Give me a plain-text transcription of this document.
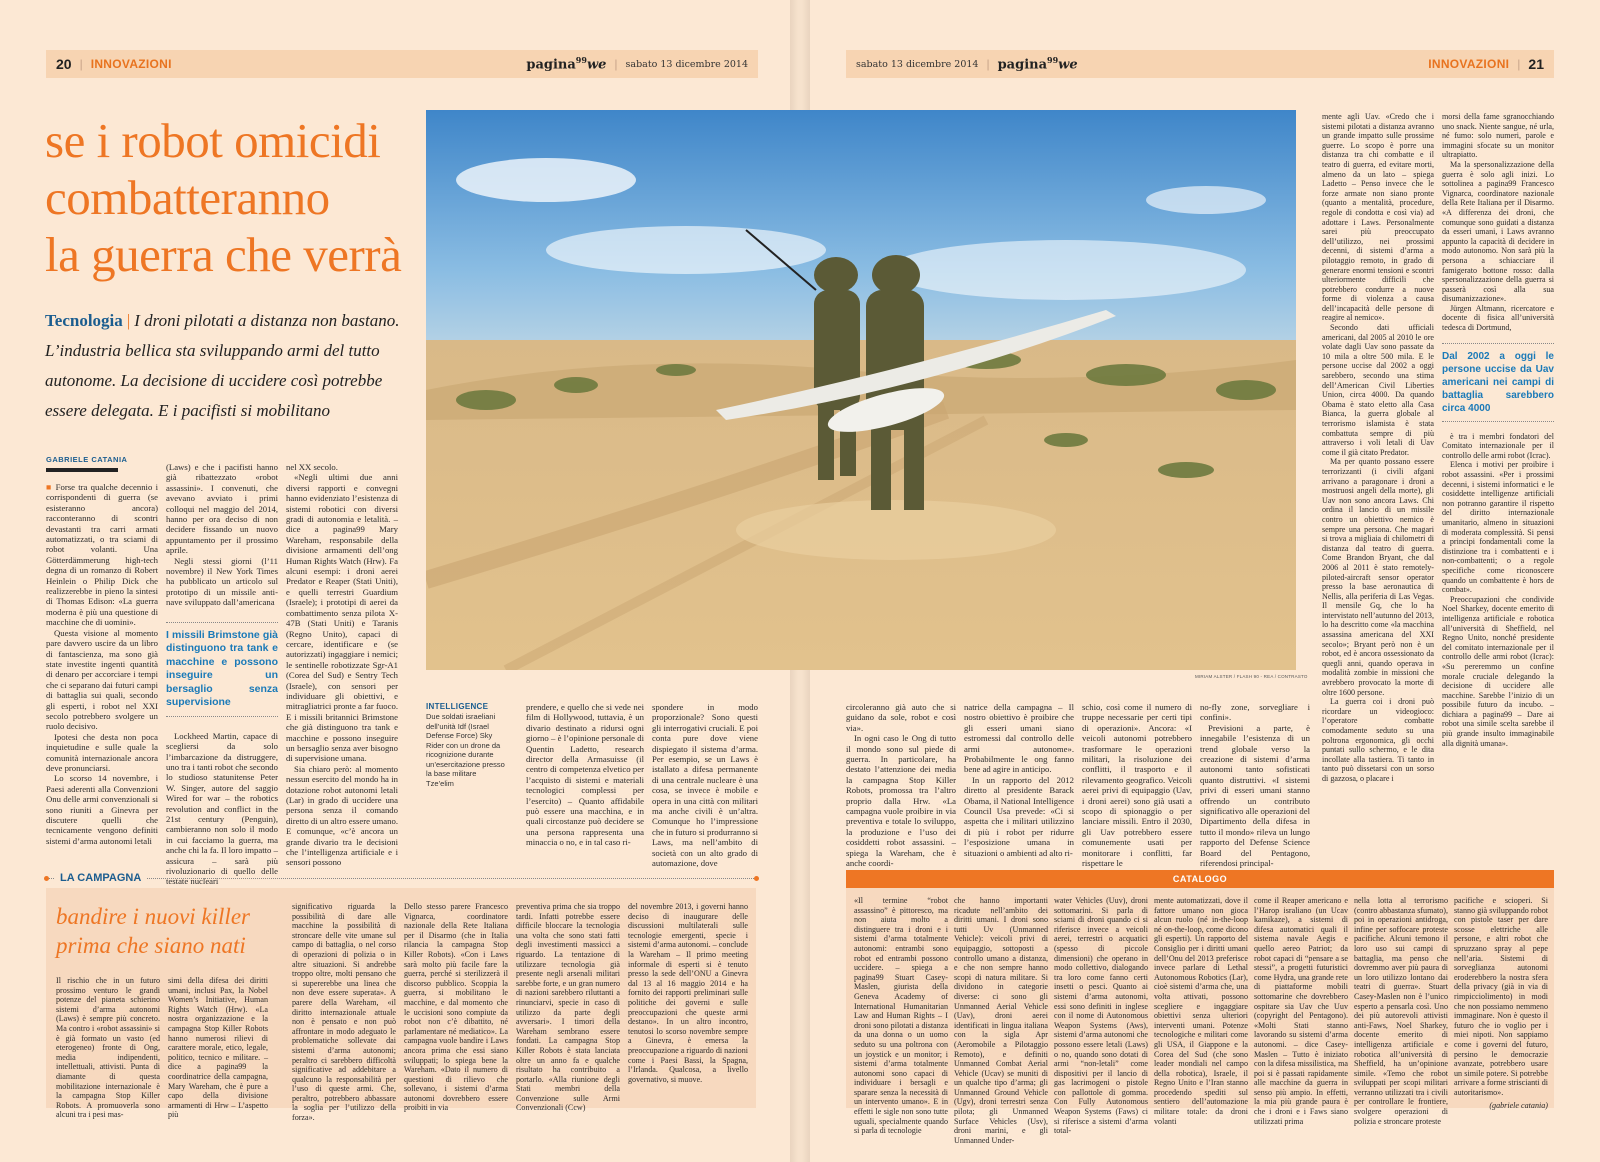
20 | INNOVAZIONI	pagina$^{99}$we | sabato 13 dicembre 2014	sabato 13 dicembre 2014 | pagina$^{99}$we	INNOVAZIONI | 21
se i robot omicidi
combatteranno
la guerra che verrà
Tecnologia | I droni pilotati a distanza non bastano. L’industria bellica sta sviluppando armi del tutto autonome. La decisione di uccidere così potrebbe essere delegata. E i pacifisti si mobilitano
GABRIELE CATANIA

■ Forse tra qualche decennio i corrispondenti di guerra (se esisteranno ancora) racconteranno di scontri devastanti tra carri armati automatizzati, o tra sciami di robot volanti. Una Götterdämmerung high-tech degna di un romanzo di Robert Heinlein o Philip Dick che realizzerebbe in pieno la sintesi di Thomas Edison: «La guerra moderna è più una questione di macchine che di uomini».

Questa visione al momento pare davvero uscire da un libro di fantascienza, ma sono già state investite ingenti quantità di denaro per accorciare i tempi che ci separano dai futuri campi di battaglia sui quali, secondo gli esperti, i robot nel XXI secolo potrebbero svolgere un ruolo decisivo.

Ipotesi che desta non poca inquietudine e sulle quale la comunità internazionale ancora deve pronunciarsi.

Lo scorso 14 novembre, i Paesi aderenti alla Convenzioni Onu delle armi convenzionali si sono riuniti a Ginevra per discutere quelli che tecnicamente vengono definiti sistemi d’arma autonomi letali

(Laws) e che i pacifisti hanno già ribattezzato «robot assassini». I convenuti, che avevano avviato i primi colloqui nel maggio del 2014, hanno per ora deciso di non decidere fissando un nuovo appuntamento per il prossimo aprile.

Negli stessi giorni (l’11 novembre) il New York Times ha pubblicato un articolo sul prototipo di un missile anti-nave sviluppato dall’americana

I missili Brimstone già distinguono tra tank e macchine e possono inseguire un bersaglio senza supervisione

Lockheed Martin, capace di scegliersi da solo l’imbarcazione da distruggere, uno tra i tanti robot che secondo lo studioso statunitense Peter W. Singer, autore del saggio Wired for war – the robotics revolution and conflict in the 21st century (Penguin), cambieranno non solo il modo in cui facciamo la guerra, ma anche chi la fa. Il loro impatto – assicura – sarà più rivoluzionario di quello delle testate nucleari

nel XX secolo.

«Negli ultimi due anni diversi rapporti e convegni hanno evidenziato l’esistenza di sistemi robotici con diversi gradi di autonomia e letalità. – dice a pagina99 Mary Wareham, responsabile della divisione armamenti dell’ong Human Rights Watch (Hrw). Fa alcuni esempi: i droni aerei Predator e Reaper (Stati Uniti), e quelli terrestri Guardium (Israele); i prototipi di aerei da combattimento senza pilota X-47B (Stati Uniti) e Taranis (Regno Unito), capaci di cercare, identificare e (se autorizzati) ingaggiare i nemici; le sentinelle robotizzate Sgr-A1 (Corea del Sud) e Sentry Tech (Israele), con sensori per individuare gli obiettivi, e mitragliatrici pronte a far fuoco. E i missili britannici Brimstone che già distinguono tra tank e macchine e possono inseguire un bersaglio senza aver bisogno di supervisione umana.

Sia chiaro però: al momento nessun esercito del mondo ha in dotazione robot autonomi letali (Lar) in grado di uccidere una persona senza il comando diretto di un altro essere umano. E comunque, «c’è ancora un grande divario tra le decisioni che l’intelligenza artificiale e i sensori possono

MIRIAM ALSTER / FLASH 90 - REA / CONTRASTO
INTELLIGENCE
Due soldati israeliani dell’unità Idf (Israel Defense Force) Sky Rider con un drone da ricognizione durante un’esercitazione presso la base militare Tze’elim

prendere, e quello che si vede nei film di Hollywood, tuttavia, è un divario destinato a ridursi ogni giorno – è l’opinione personale di Quentin Ladetto, research director della Armasuisse (il centro di competenza elvetico per l’acquisto di sistemi e materiali tecnologici complessi per l’esercito) – Quanto affidabile può essere una macchina, e in quali circostanze può decidere se una persona rappresenta una minaccia o no, e in tal caso ri-

spondere in modo proporzionale? Sono questi gli interrogativi cruciali. E poi conta pure dove viene dispiegato il sistema d’arma. Per esempio, se un Laws è istallato a difesa permanente di una centrale nucleare è una cosa, se invece è mobile e opera in una città con militari ma anche civili è un’altra. Comunque ho l’impressione che in futuro si produrranno si Laws, ma nell’ambito di società con un alto grado di automazione, dove

circoleranno già auto che si guidano da sole, robot e così via».

In ogni caso le Ong di tutto il mondo sono sul piede di guerra. In particolare, ha destato l’attenzione dei media la campagna Stop Killer Robots, promossa tra l’altro proprio dalla Hrw. «La campagna vuole proibire in via preventiva e totale lo sviluppo, la produzione e l’uso dei cosiddetti robot assassini. – spiega la Wareham, che è anche coordi-

natrice della campagna – Il nostro obiettivo è proibire che gli esseri umani siano estromessi dal controllo delle armi autonome». Probabilmente le ong fanno bene ad agire in anticipo.

In un rapporto del 2012 diretto al presidente Barack Obama, il National Intelligence Council Usa prevede: «Ci si aspetta che i militari utilizzino di più i robot per ridurre l’esposizione umana in situazioni o ambienti ad alto ri-

schio, così come il numero di truppe necessarie per certi tipi di operazioni». Ancora: «I veicoli autonomi potrebbero trasformare le operazioni militari, la risoluzione dei conflitti, il trasporto e il rilevamento geografico. Veicoli aerei privi di equipaggio (Uav, i droni aerei) sono già usati a scopo di spionaggio o per lanciare missili. Entro il 2030, gli Uav potrebbero essere comunemente usati per monitorare i conflitti, far rispettare le

no-fly zone, sorvegliare i confini».

Previsioni a parte, è innegabile l’esistenza di un trend globale verso la creazione di sistemi d’arma autonomi tanto sofisticati quanto distruttivi. «I sistemi privi di esseri umani stanno offrendo un contributo significativo alle operazioni del Dipartimento della difesa in tutto il mondo» rileva un lungo rapporto del Defense Science Board del Pentagono, riferendosi principal-

mente agli Uav. «Credo che i sistemi pilotati a distanza avranno un grande impatto sulle prossime guerre. Lo scopo è porre una distanza tra chi combatte e il teatro di guerra, ed evitare morti, almeno da un lato – spiega Ladetto – Penso invece che le forze armate non siano pronte (quanto a mentalità, procedure, regole di condotta e così via) ad adottare i Laws. Personalmente sarei più preoccupato dell’utilizzo, nei prossimi decenni, di sistemi d’arma a pilotaggio remoto, in grado di generare enormi tensioni e scontri ulteriormente difficili che potrebbero condurre a nuove forme di violenza a causa dell’incapacità delle persone di reagire al nemico».

Secondo dati ufficiali americani, dal 2005 al 2010 le ore volate dagli Uav sono passate da 10 mila a oltre 500 mila. E le persone uccise dal 2002 a oggi sarebbero, secondo una stima dell’American Civil Liberties Union, circa 4000. Da quando Obama è stato eletto alla Casa Bianca, la guerra globale al terrorismo islamista è stata combattuta sempre di più attraverso i voli letali di Uav come il già citato Predator.

Ma per quanto possano essere terrorizzanti (i civili afgani arrivano a paragonare i droni a mostruosi angeli della morte), gli Uav non sono ancora Laws. Chi ordina il lancio di un missile contro un obiettivo nemico è sempre una persona. Che magari si trova a migliaia di chilometri di distanza dal teatro di guerra. Come Brandon Bryant, che dal 2006 al 2011 è stato remotely-piloted-aircraft sensor operator presso la base aeronautica di Nellis, alla periferia di Las Vegas. Il mensile Gq, che lo ha intervistato nell’autunno del 2013, lo ha descritto come «la macchina assassina americana del XXI secolo»; Bryant però non è un robot, ed è ancora ossessionato da quegli anni, quando operava in modalità zombie in missioni che avrebbero provocato la morte di oltre 1600 persone.

La guerra coi i droni può ricordare un videogioco: l’operatore combatte comodamente seduto su una poltrona ergonomica, gli occhi puntati sullo schermo, e le dita incollate alla tastiera. Ti tanto in tanto può dissetarsi con un sorso di gazzosa, o placare i

morsi della fame sgranocchiando uno snack. Niente sangue, né urla, né fumo: solo numeri, parole e immagini sfocate su un monitor ultrapiatto.

Ma la spersonalizzazione della guerra è solo agli inizi. Lo sottolinea a pagina99 Francesco Vignarca, coordinatore nazionale della Rete Italiana per il Disarmo. «A differenza dei droni, che comunque sono guidati a distanza da esseri umani, i Laws avranno appunto la capacità di decidere in modo autonomo. Non sarà più la persona a schiacciare il famigerato bottone rosso: dalla spersonalizzazione della guerra si passerà così alla sua disumanizzazione».

Jürgen Altmann, ricercatore e docente di fisica all’università tedesca di Dortmund,

Dal 2002 a oggi le persone uccise da Uav americani nei campi di battaglia sarebbero circa 4000

è tra i membri fondatori del Comitato internazionale per il controllo delle armi robot (Icrac).

Elenca i motivi per proibire i robot assassini. «Per i prossimi decenni, i sistemi informatici e le cosiddette intelligenze artificiali non potranno garantire il rispetto del diritto internazionale umanitario, almeno in situazioni di moderata complessità. Si pensi a principi fondamentali come la distinzione tra i combattenti e i non-combattenti; o a regole specifiche come riconoscere quando un combattente è hors de combat».

Preoccupazioni che condivide Noel Sharkey, docente emerito di intelligenza artificiale e robotica all’università di Sheffield, nel Regno Unito, nonché presidente del comitato internazionale per il controllo delle armi robot (Icrac): «Su pereremmo un confine morale cruciale delegando la decisione di uccidere alle macchine. Sarebbe l’inizio di un possibile futuro da incubo. – dichiara a pagina99 – Dare ai robot una simile scelta sarebbe il più grande insulto immaginabile alla dignità umana».

LA CAMPAGNA
bandire i nuovi killer prima che siano nati

Il rischio che in un futuro prossimo venturo le grandi potenze del pianeta schierino sistemi d’arma autonomi (Laws) è sempre più concreto. Ma contro i «robot assassini» si è già formato un vasto (ed eterogeneo) fronte di Ong, media indipendenti, intellettuali, attivisti. Punta di diamante di questa mobilitazione internazionale è la campagna Stop Killer Robots. A promuoverla sono alcuni tra i pesi mas-

simi della difesa dei diritti umani, inclusi Pax, la Nobel Women’s Initiative, Human Rights Watch (Hrw). «La nostra organizzazione e la campagna Stop Killer Robots hanno numerosi rilievi di carattere morale, etico, legale, politico, tecnico e militare. – dice a pagina99 la coordinatrice della campagna, Mary Wareham, che è pure a capo della divisione armamenti di Hrw – L’aspetto più

significativo riguarda la possibilità di dare alle macchine la possibilità di stroncare delle vite umane sul campo di battaglia, o nel corso di operazioni di polizia o in altre situazioni. Si andrebbe troppo oltre, molti pensano che si supererebbe una linea che non deve essere superata». A parere della Wareham, «il diritto internazionale attuale non è pensato e non può affrontare in modo adeguato le problematiche sollevate dai sistemi d’arma autonomi; peraltro ci sarebbero difficoltà significative ad addebitare a qualcuno la responsabilità per l’uso di queste armi. Che, peraltro, potrebbero abbassare la soglia per l’utilizzo della forza».

Dello stesso parere Francesco Vignarca, coordinatore nazionale della Rete Italiana per il Disarmo (che in Italia rilancia la campagna Stop Killer Robots). «Con i Laws sarà molto più facile fare la guerra, perché si sterilizzerà il discorso pubblico. Scoppia la guerra, si mobilitano le macchine, e dal momento che le uccisioni sono compiute da robot non c’è dibattito, né parlamentare né mediatico». La campagna vuole bandire i Laws ancora prima che essi siano sviluppati; lo spiega bene la Wareham. «Dato il numero di questioni di rilievo che sollevano, i sistemi d’arma autonomi dovrebbero essere proibiti in via

preventiva prima che sia troppo tardi. Infatti potrebbe essere difficile bloccare la tecnologia una volta che sono stati fatti degli investimenti massicci a riguardo. La tentazione di utilizzare tecnologia già presente negli arsenali militari sarebbe forte, e un gran numero di nazioni sarebbero riluttanti a rinunciarvi, specie in caso di utilizzo da parte degli avversari». I timori della Wareham sembrano essere fondati. La campagna Stop Killer Robots è stata lanciata oltre un anno fa e qualche risultato ha contribuito a portarlo. «Alla riunione degli Stati membri della Convenzione sulle Armi Convenzionali (Ccw)

del novembre 2013, i governi hanno deciso di inaugurare delle discussioni multilaterali sulle tecnologie emergenti, specie i sistemi d’arma autonomi. – conclude la Wareham – Il primo meeting informale di esperti si è tenuto presso la sede dell’ONU a Ginevra dal 13 al 16 maggio 2014 e ha fornito dei rapporti preliminari sulle politiche dei governi e sulle preoccupazioni che queste armi destano». In un altro incontro, tenutosi lo scorso novembre sempre a Ginevra, è emersa la preoccupazione a riguardo di nazioni come i Paesi Bassi, la Spagna, l’Irlanda. Qualcosa, a livello governativo, si muove.

CATALOGO

«Il termine “robot assassino” è pittoresco, ma non aiuta molto a distinguere tra i droni e i sistemi d’arma totalmente autonomi: entrambi sono robot ed entrambi possono uccidere. – spiega a pagina99 Stuart Casey-Maslen, giurista della Geneva Academy of International Humanitarian Law and Human Rights – I droni sono pilotati a distanza da una donna o un uomo seduto su una poltrona con un joystick e un monitor; i sistemi d’arma totalmente autonomi sono capaci di individuare i bersagli e sparare senza la necessità di un intervento umano». E in effetti le sigle non sono tutte uguali, specialmente quando si parla di tecnologie

che hanno importanti ricadute nell’ambito dei diritti umani. I droni sono tutti Uv (Unmanned Vehicle): veicoli privi di equipaggio, sottoposti a controllo umano a distanza, e che non sempre hanno scopi di natura militare. Si dividono in categorie diverse: ci sono gli Unmanned Aerial Vehicle (Uav), droni aerei identificati in lingua italiana con la sigla Apr (Aeromobile a Pilotaggio Remoto), e definiti Unmanned Combat Aerial Vehicle (Ucav) se muniti di un qualche tipo d’arma; gli Unmanned Ground Vehicle (Ugv), droni terrestri senza pilota; gli Unmanned Surface Vehicles (Usv), droni marini, e gli Unmanned Under-

water Vehicles (Uuv), droni sottomarini. Si parla di sciami di droni quando ci si riferisce invece a veicoli aerei, terrestri o acquatici (spesso di piccole dimensioni) che operano in modo collettivo, dialogando tra loro come fanno certi insetti o pesci. Quanto ai sistemi d’arma autonomi, essi sono definiti in inglese con il nome di Autonomous Weapon Systems (Aws), sistemi d’arma autonomi che possono essere letali (Laws) o no, quando sono dotati di armi “non-letali” come dispositivi per il lancio di gas lacrimogeni o pistole con pallottole di gomma. Con Fully Autonomous Weapon Systems (Faws) ci si riferisce a sistemi d’arma total-

mente automatizzati, dove il fattore umano non gioca alcun ruolo (né in-the-loop né on-the-loop, come dicono gli esperti). Un rapporto del Consiglio per i diritti umani dell’Onu del 2013 preferisce invece parlare di Lethal Autonomous Robotics (Lar), cioè sistemi d’arma che, una volta attivati, possono scegliere e ingaggiare obiettivi senza ulteriori interventi umani. Potenze tecnologiche e militari come gli USA, il Giappone e la Corea del Sud (che sono leader mondiali nel campo della robotica), Israele, il Regno Unito e l’Iran stanno procedendo spediti sul sentiero dell’automazione militare totale: da droni volanti

come il Reaper americano e l’Harop israliano (un Ucav kamikaze), a sistemi di difesa automatici quali il sistema navale Aegis e quello aereo Patriot; da robot capaci di “pensare a se stessi”, a progetti futuristici come Hydra, una grande rete di piattaforme mobili sottomarine che dovrebbero ospitare sia Uav che Uuv (copyright del Pentagono). «Molti Stati stanno lavorando su sistemi d’arma autonomi. – dice Casey-Maslen – Tutto è iniziato con la difesa missilistica, ma poi si è passati rapidamente alle macchine da guerra in senso più ampio. In effetti, la mia più grande paura è che i droni e i Faws siano utilizzati prima

nella lotta al terrorismo (contro abbastanza sfumato), poi in operazioni antidroga, infine per soffocare proteste pacifiche. Alcuni temono il loro uso sui campi di battaglia, ma penso che dovremmo aver più paura di un loro utilizzo lontano dai teatri di guerra». Stuart Casey-Maslen non è l’unico esperto a pensarla così. Uno dei più autorevoli attivisti anti-Faws, Noel Sharkey, docente emerito di intelligenza artificiale e robotica all’università di Sheffield, ha un’opinione simile. «Temo che robot sviluppati per scopi militari verranno utilizzati tra i civili per controllare le frontiere, svolgere operazioni di polizia e stroncare proteste

pacifiche e scioperi. Si stanno già sviluppando robot con pistole taser per dare scosse elettriche alle persone, e altri robot che spruzzano spray al pepe nell’aria. Sistemi di sorveglianza autonomi eroderebbero la nostra sfera della privacy (già in via di rimpicciolimento) in modi che non possiamo nemmeno immaginare. Non è questo il futuro che io voglio per i miei nipoti. Non sappiamo come i governi del futuro, persino le democrazie avanzate, potrebbero usare un simile potere. Si potrebbe arrivare a forme striscianti di autoritarismo».

(gabriele catania)
